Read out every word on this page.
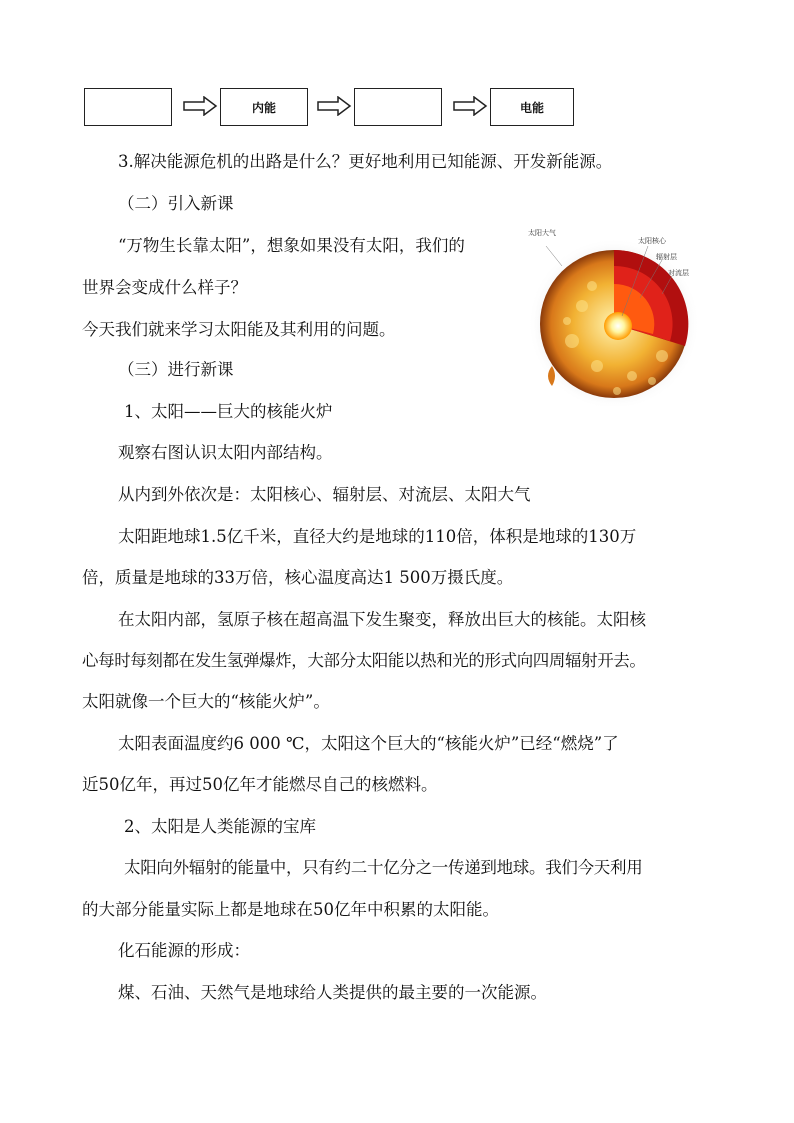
内能	电能
3.解决能源危机的出路是什么？更好地利用已知能源、开发新能源。
（二）引入新课
“万物生长靠太阳”，想象如果没有太阳，我们的
世界会变成什么样子？
今天我们就来学习太阳能及其利用的问题。
（三）进行新课
1、太阳——巨大的核能火炉
观察右图认识太阳内部结构。
从内到外依次是：太阳核心、辐射层、对流层、太阳大气
太阳距地球1.5亿千米，直径大约是地球的110倍，体积是地球的130万
倍，质量是地球的33万倍，核心温度高达1 500万摄氏度。
在太阳内部，氢原子核在超高温下发生聚变，释放出巨大的核能。太阳核
心每时每刻都在发生氢弹爆炸，大部分太阳能以热和光的形式向四周辐射开去。
太阳就像一个巨大的“核能火炉”。
太阳表面温度约6 000 ℃，太阳这个巨大的“核能火炉”已经“燃烧”了
近50亿年，再过50亿年才能燃尽自己的核燃料。
2、太阳是人类能源的宝库
太阳向外辐射的能量中，只有约二十亿分之一传递到地球。我们今天利用
的大部分能量实际上都是地球在50亿年中积累的太阳能。
化石能源的形成：
煤、石油、天然气是地球给人类提供的最主要的一次能源。
太阳大气
太阳核心
辐射层
对流层
